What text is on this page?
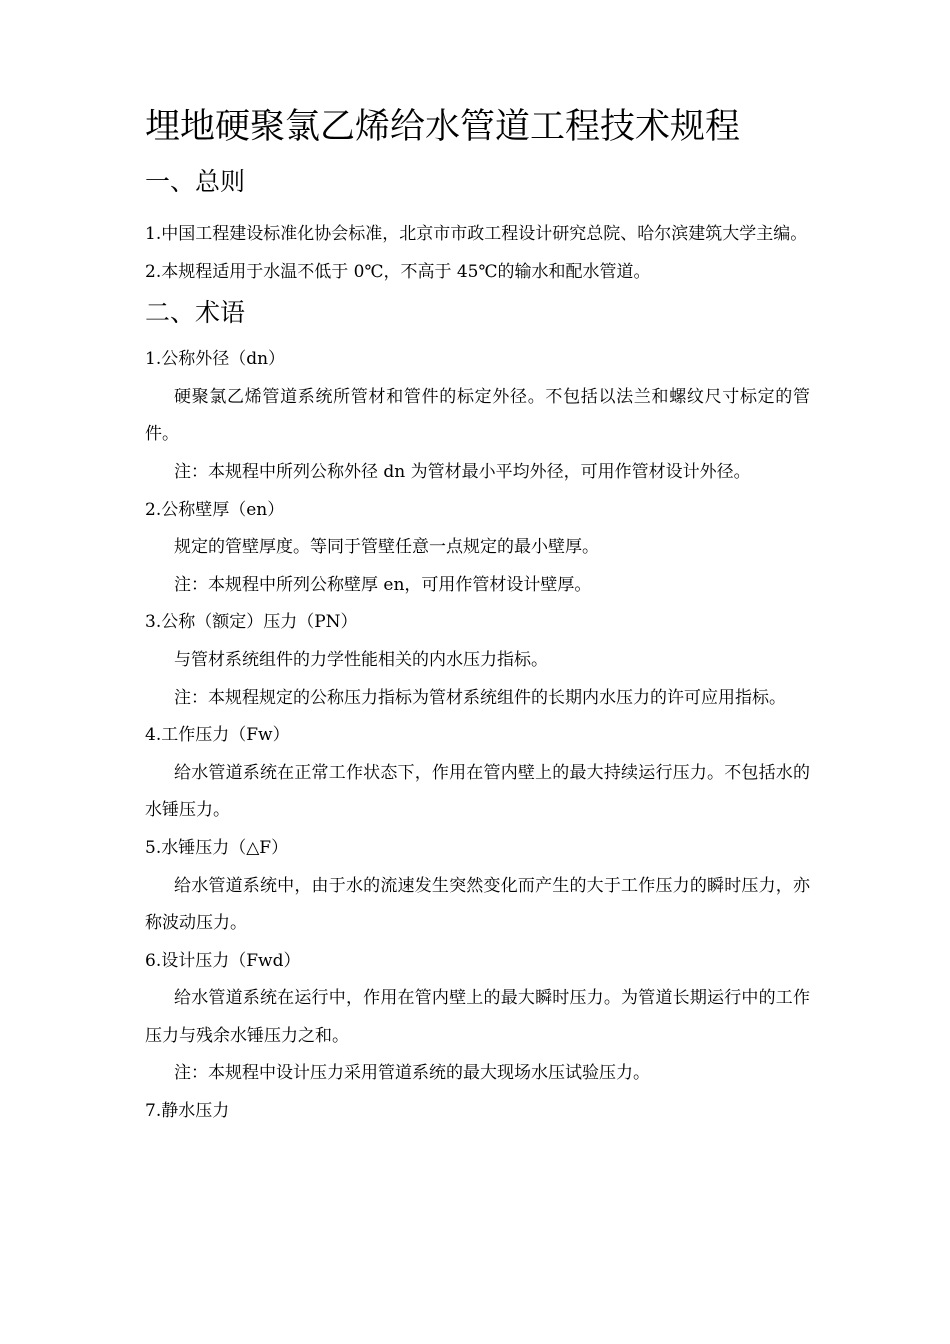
埋地硬聚氯乙烯给水管道工程技术规程
一、总则

1.中国工程建设标准化协会标准，北京市市政工程设计研究总院、哈尔滨建筑大学主编。

2.本规程适用于水温不低于 0℃，不高于 45℃的输水和配水管道。

二、术语

1.公称外径（dn）

硬聚氯乙烯管道系统所管材和管件的标定外径。不包括以法兰和螺纹尺寸标定的管件。

注：本规程中所列公称外径 dn 为管材最小平均外径，可用作管材设计外径。

2.公称壁厚（en）

规定的管壁厚度。等同于管壁任意一点规定的最小壁厚。

注：本规程中所列公称壁厚 en，可用作管材设计壁厚。

3.公称（额定）压力（PN）

与管材系统组件的力学性能相关的内水压力指标。

注：本规程规定的公称压力指标为管材系统组件的长期内水压力的许可应用指标。

4.工作压力（Fw）

给水管道系统在正常工作状态下，作用在管内壁上的最大持续运行压力。不包括水的水锤压力。

5.水锤压力（△F）

给水管道系统中，由于水的流速发生突然变化而产生的大于工作压力的瞬时压力，亦称波动压力。

6.设计压力（Fwd）

给水管道系统在运行中，作用在管内壁上的最大瞬时压力。为管道长期运行中的工作压力与残余水锤压力之和。

注：本规程中设计压力采用管道系统的最大现场水压试验压力。

7.静水压力
